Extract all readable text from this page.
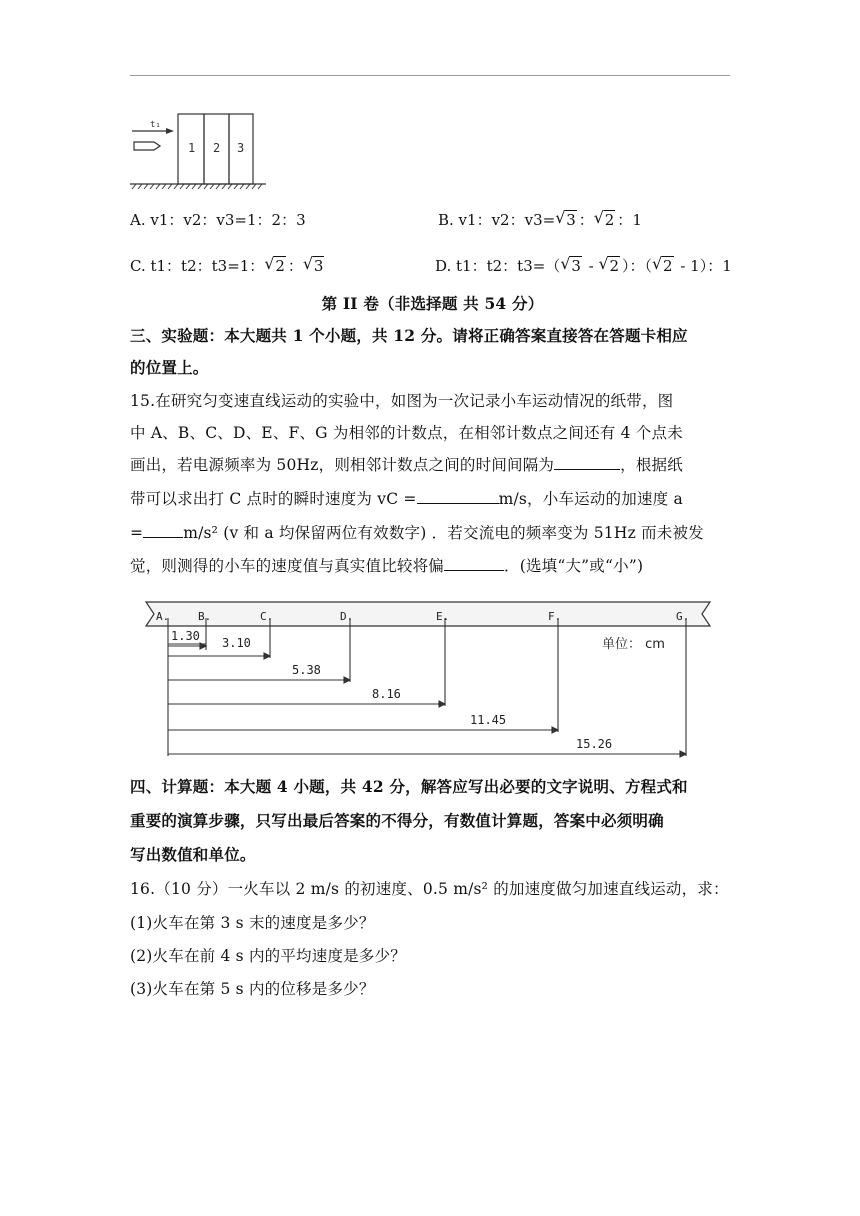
t₁
1 2 3
A. v1：v2：v3=1：2：3	B. v1：v2：v3= √ 3 ： √ 2 ：1
C. t1：t2：t3=1： √ 2 ： √ 3	D. t1：t2：t3=（ √ 3 - √ 2 ）：（ √ 2 - 1）：1
第 II 卷（非选择题 共 54 分）
三、实验题：本大题共 1 个小题，共 12 分。请将正确答案直接答在答题卡相应
的位置上。
15.在研究匀变速直线运动的实验中，如图为一次记录小车运动情况的纸带，图
中 A、B、C、D、E、F、G 为相邻的计数点，在相邻计数点之间还有 4 个点未
画出，若电源频率为 50Hz，则相邻计数点之间的时间间隔为	，根据纸
带可以求出打 C 点时的瞬时速度为 vC =	m/s，小车运动的加速度 a
=	m/s² (v 和 a 均保留两位有效数字) ．若交流电的频率变为 51Hz 而未被发
觉，则测得的小车的速度值与真实值比较将偏	．(选填“大”或“小”)
A.	B.	C.	D.	E.	F.	G.
1.30 3.10
5.38
8.16
11.45
15.26
单位： cm
四、计算题：本大题 4 小题，共 42 分，解答应写出必要的文字说明、方程式和
重要的演算步骤，只写出最后答案的不得分，有数值计算题，答案中必须明确
写出数值和单位。
16.（10 分）一火车以 2 m/s 的初速度、0.5 m/s² 的加速度做匀加速直线运动，求：
(1)火车在第 3 s 末的速度是多少？
(2)火车在前 4 s 内的平均速度是多少？
(3)火车在第 5 s 内的位移是多少？
